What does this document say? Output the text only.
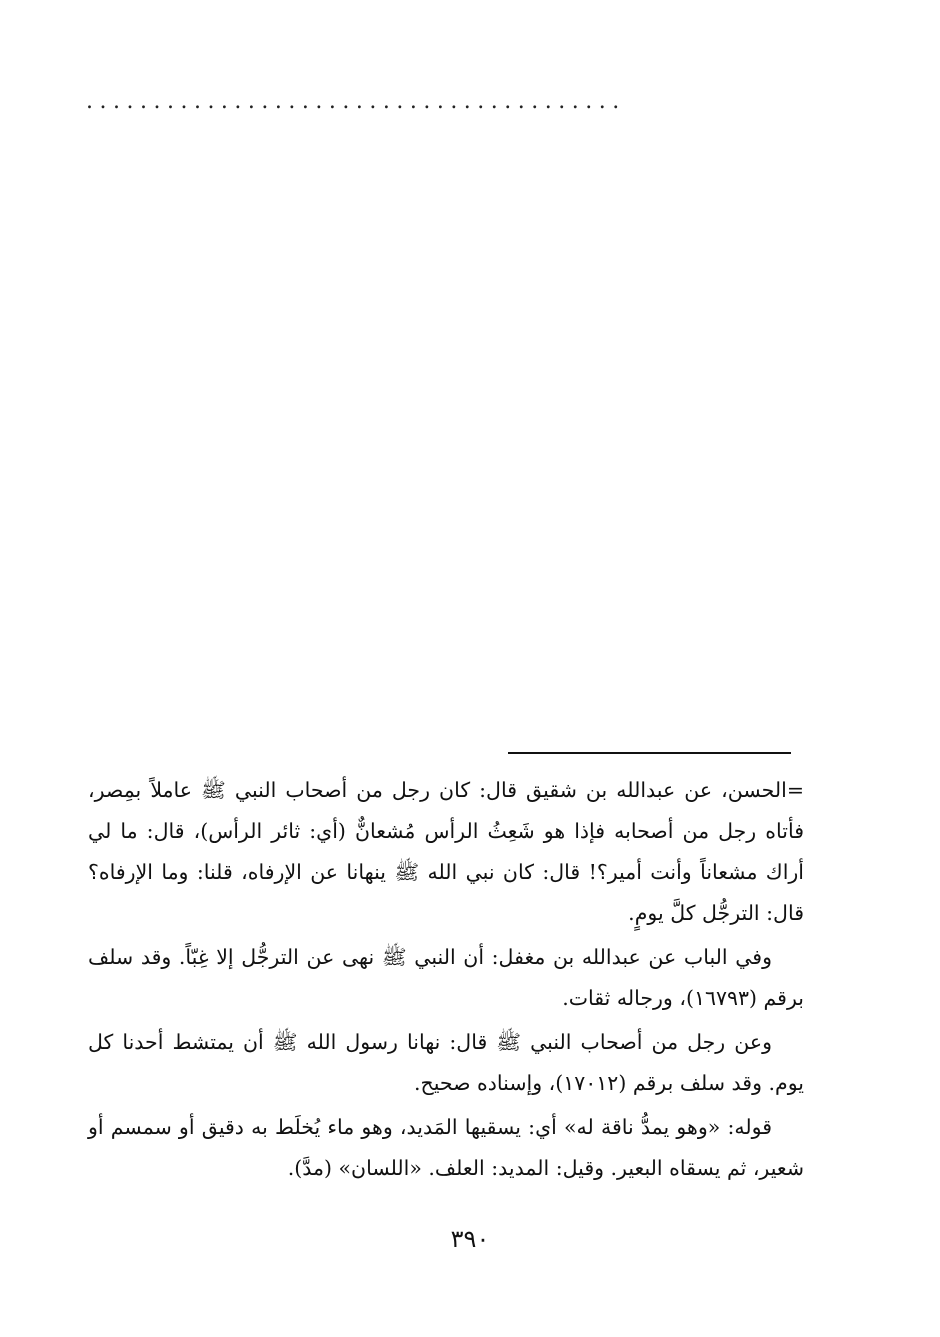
........................................

=الحسن، عن عبدالله بن شقيق قال: كان رجل من أصحاب النبي ﷺ عاملاً بمِصر، فأتاه رجل من أصحابه فإذا هو شَعِثُ الرأس مُشعانٌّ (أي: ثائر الرأس)، قال: ما لي أراك مشعاناً وأنت أمير؟! قال: كان نبي الله ﷺ ينهانا عن الإرفاه، قلنا: وما الإرفاه؟ قال: الترجُّل كلَّ يومٍ.

وفي الباب عن عبدالله بن مغفل: أن النبي ﷺ نهى عن الترجُّل إلا غِبّاً. وقد سلف برقم (١٦٧٩٣)، ورجاله ثقات.

وعن رجل من أصحاب النبي ﷺ قال: نهانا رسول الله ﷺ أن يمتشط أحدنا كل يوم. وقد سلف برقم (١٧٠١٢)، وإسناده صحيح.

قوله: «وهو يمدُّ ناقة له» أي: يسقيها المَديد، وهو ماء يُخلَط به دقيق أو سمسم أو شعير، ثم يسقاه البعير. وقيل: المديد: العلف. «اللسان» (مدَّ).

٣٩٠
